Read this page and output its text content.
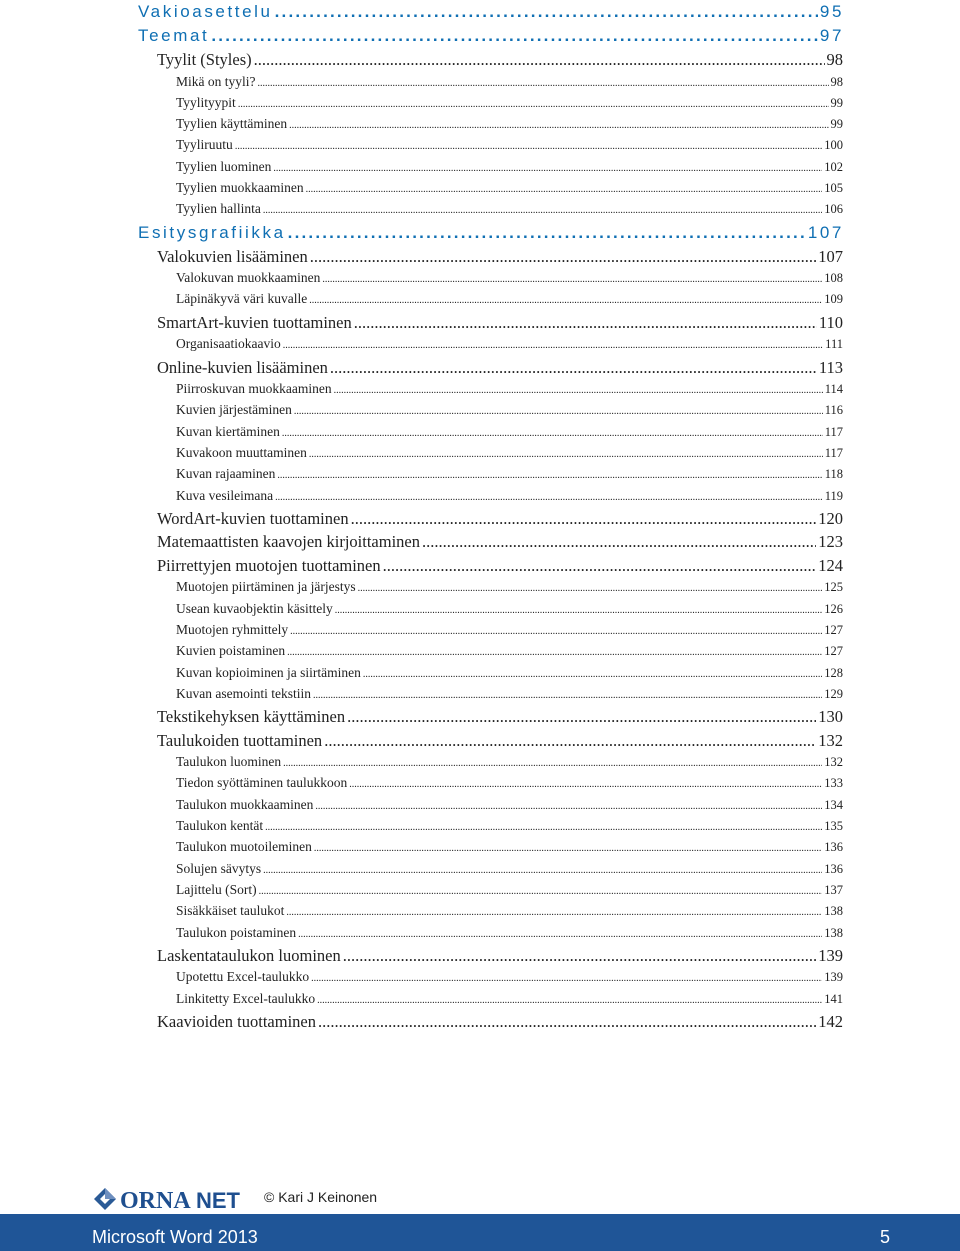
Vakioasettelu .....	95
Teemat .....	97
Tyylit (Styles) .....	98
Mikä on tyyli? .....	98
Tyylityypit .....	99
Tyylien käyttäminen .....	99
Tyyliruutu .....	100
Tyylien luominen .....	102
Tyylien muokkaaminen .....	105
Tyylien hallinta .....	106
Esitysgrafiikka .....	107
Valokuvien lisääminen .....	107
Valokuvan muokkaaminen .....	108
Läpinäkyvä väri kuvalle .....	109
SmartArt-kuvien tuottaminen .....	110
Organisaatiokaavio .....	111
Online-kuvien lisääminen .....	113
Piirroskuvan muokkaaminen .....	114
Kuvien järjestäminen .....	116
Kuvan kiertäminen .....	117
Kuvakoon muuttaminen .....	117
Kuvan rajaaminen .....	118
Kuva vesileimana .....	119
WordArt-kuvien tuottaminen .....	120
Matemaattisten kaavojen kirjoittaminen .....	123
Piirrettyjen muotojen tuottaminen .....	124
Muotojen piirtäminen ja järjestys .....	125
Usean kuvaobjektin käsittely .....	126
Muotojen ryhmittely .....	127
Kuvien poistaminen .....	127
Kuvan kopioiminen ja siirtäminen .....	128
Kuvan asemointi tekstiin .....	129
Tekstikehyksen käyttäminen .....	130
Taulukoiden tuottaminen .....	132
Taulukon luominen .....	132
Tiedon syöttäminen taulukkoon .....	133
Taulukon muokkaaminen .....	134
Taulukon kentät .....	135
Taulukon muotoileminen .....	136
Solujen sävytys .....	136
Lajittelu (Sort) .....	137
Sisäkkäiset taulukot .....	138
Taulukon poistaminen .....	138
Laskentataulukon luominen .....	139
Upotettu Excel-taulukko .....	139
Linkitetty Excel-taulukko .....	141
Kaavioiden tuottaminen .....	142
ORNA NET © Kari J Keinonen
Microsoft Word 2013	5
